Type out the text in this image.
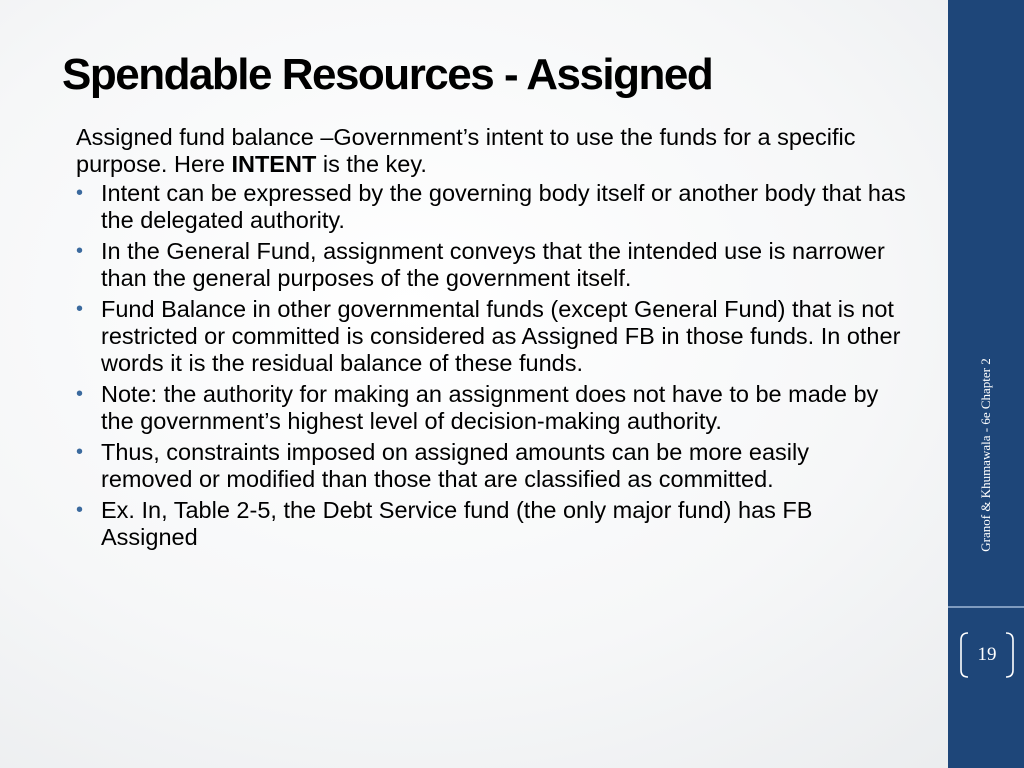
Spendable Resources - Assigned

Assigned fund balance –Government’s intent to use the funds for a specific purpose. Here INTENT is the key.

• Intent can be expressed by the governing body itself or another body that has the delegated authority.
• In the General Fund, assignment conveys that the intended use is narrower than the general purposes of the government itself.
• Fund Balance in other governmental funds (except General Fund) that is not restricted or committed is considered as Assigned FB in those funds. In other words it is the residual balance of these funds.
• Note: the authority for making an assignment does not have to be made by the government’s highest level of decision-making authority.
• Thus, constraints imposed on assigned amounts can be more easily removed or modified than those that are classified as committed.
• Ex. In, Table 2-5, the Debt Service fund (the only major fund) has FB Assigned	Granof & Khumawala - 6e Chapter 2
19
